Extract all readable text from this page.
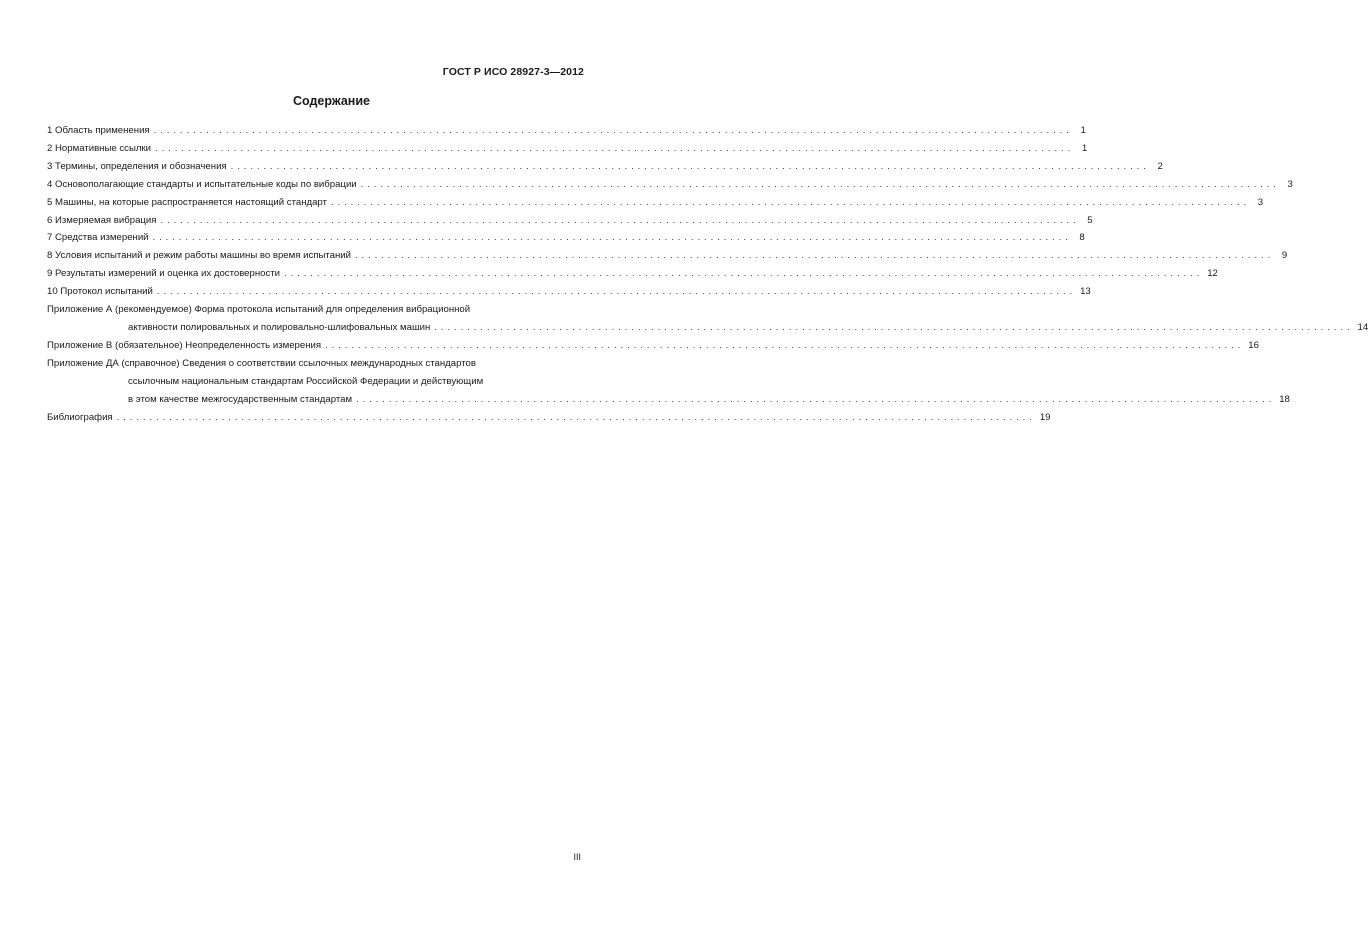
ГОСТ Р ИСО 28927-3—2012
Содержание
1 Область применения ............................................................................................................................................ 1
2 Нормативные ссылки ............................................................................................................................................ 1
3 Термины, определения и обозначения ............................................................................................................................................ 2
4 Основополагающие стандарты и испытательные коды по вибрации ............................................................................................................................................ 3
5 Машины, на которые распространяется настоящий стандарт ............................................................................................................................................ 3
6 Измеряемая вибрация ............................................................................................................................................ 5
7 Средства измерений ............................................................................................................................................ 8
8 Условия испытаний и режим работы машины во время испытаний ............................................................................................................................................ 9
9 Результаты измерений и оценка их достоверности ............................................................................................................................................ 12
10 Протокол испытаний ............................................................................................................................................ 13
Приложение А (рекомендуемое) Форма протокола испытаний для определения вибрационной
активности полировальных и полировально-шлифовальных машин ............................................................................................................................................ 14
Приложение В (обязательное) Неопределенность измерения ............................................................................................................................................ 16
Приложение ДА (справочное) Сведения о соответствии ссылочных международных стандартов
ссылочным национальным стандартам Российской Федерации и действующим
в этом качестве межгосударственным стандартам ............................................................................................................................................ 18
Библиография ............................................................................................................................................ 19
III
